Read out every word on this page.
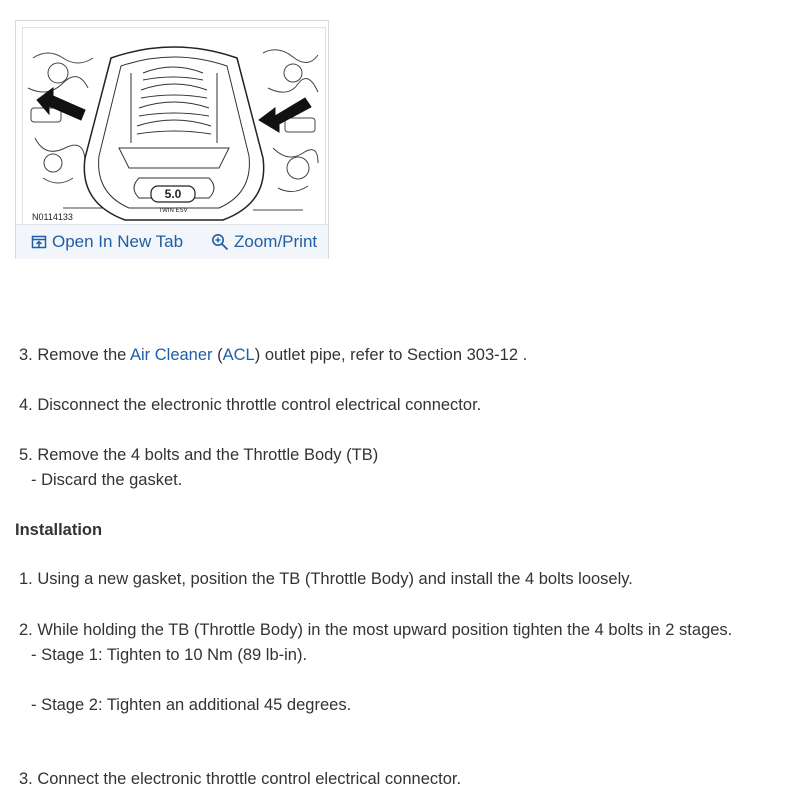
5.0
TWIN ESV
N0114133
Open In New Tab	Zoom/Print
3. Remove the Air Cleaner (ACL) outlet pipe, refer to Section 303-12 .
4. Disconnect the electronic throttle control electrical connector.
5. Remove the 4 bolts and the Throttle Body (TB)
- Discard the gasket.
Installation
1. Using a new gasket, position the TB (Throttle Body) and install the 4 bolts loosely.
2. While holding the TB (Throttle Body) in the most upward position tighten the 4 bolts in 2 stages.
- Stage 1: Tighten to 10 Nm (89 lb-in).
- Stage 2: Tighten an additional 45 degrees.
3. Connect the electronic throttle control electrical connector.
